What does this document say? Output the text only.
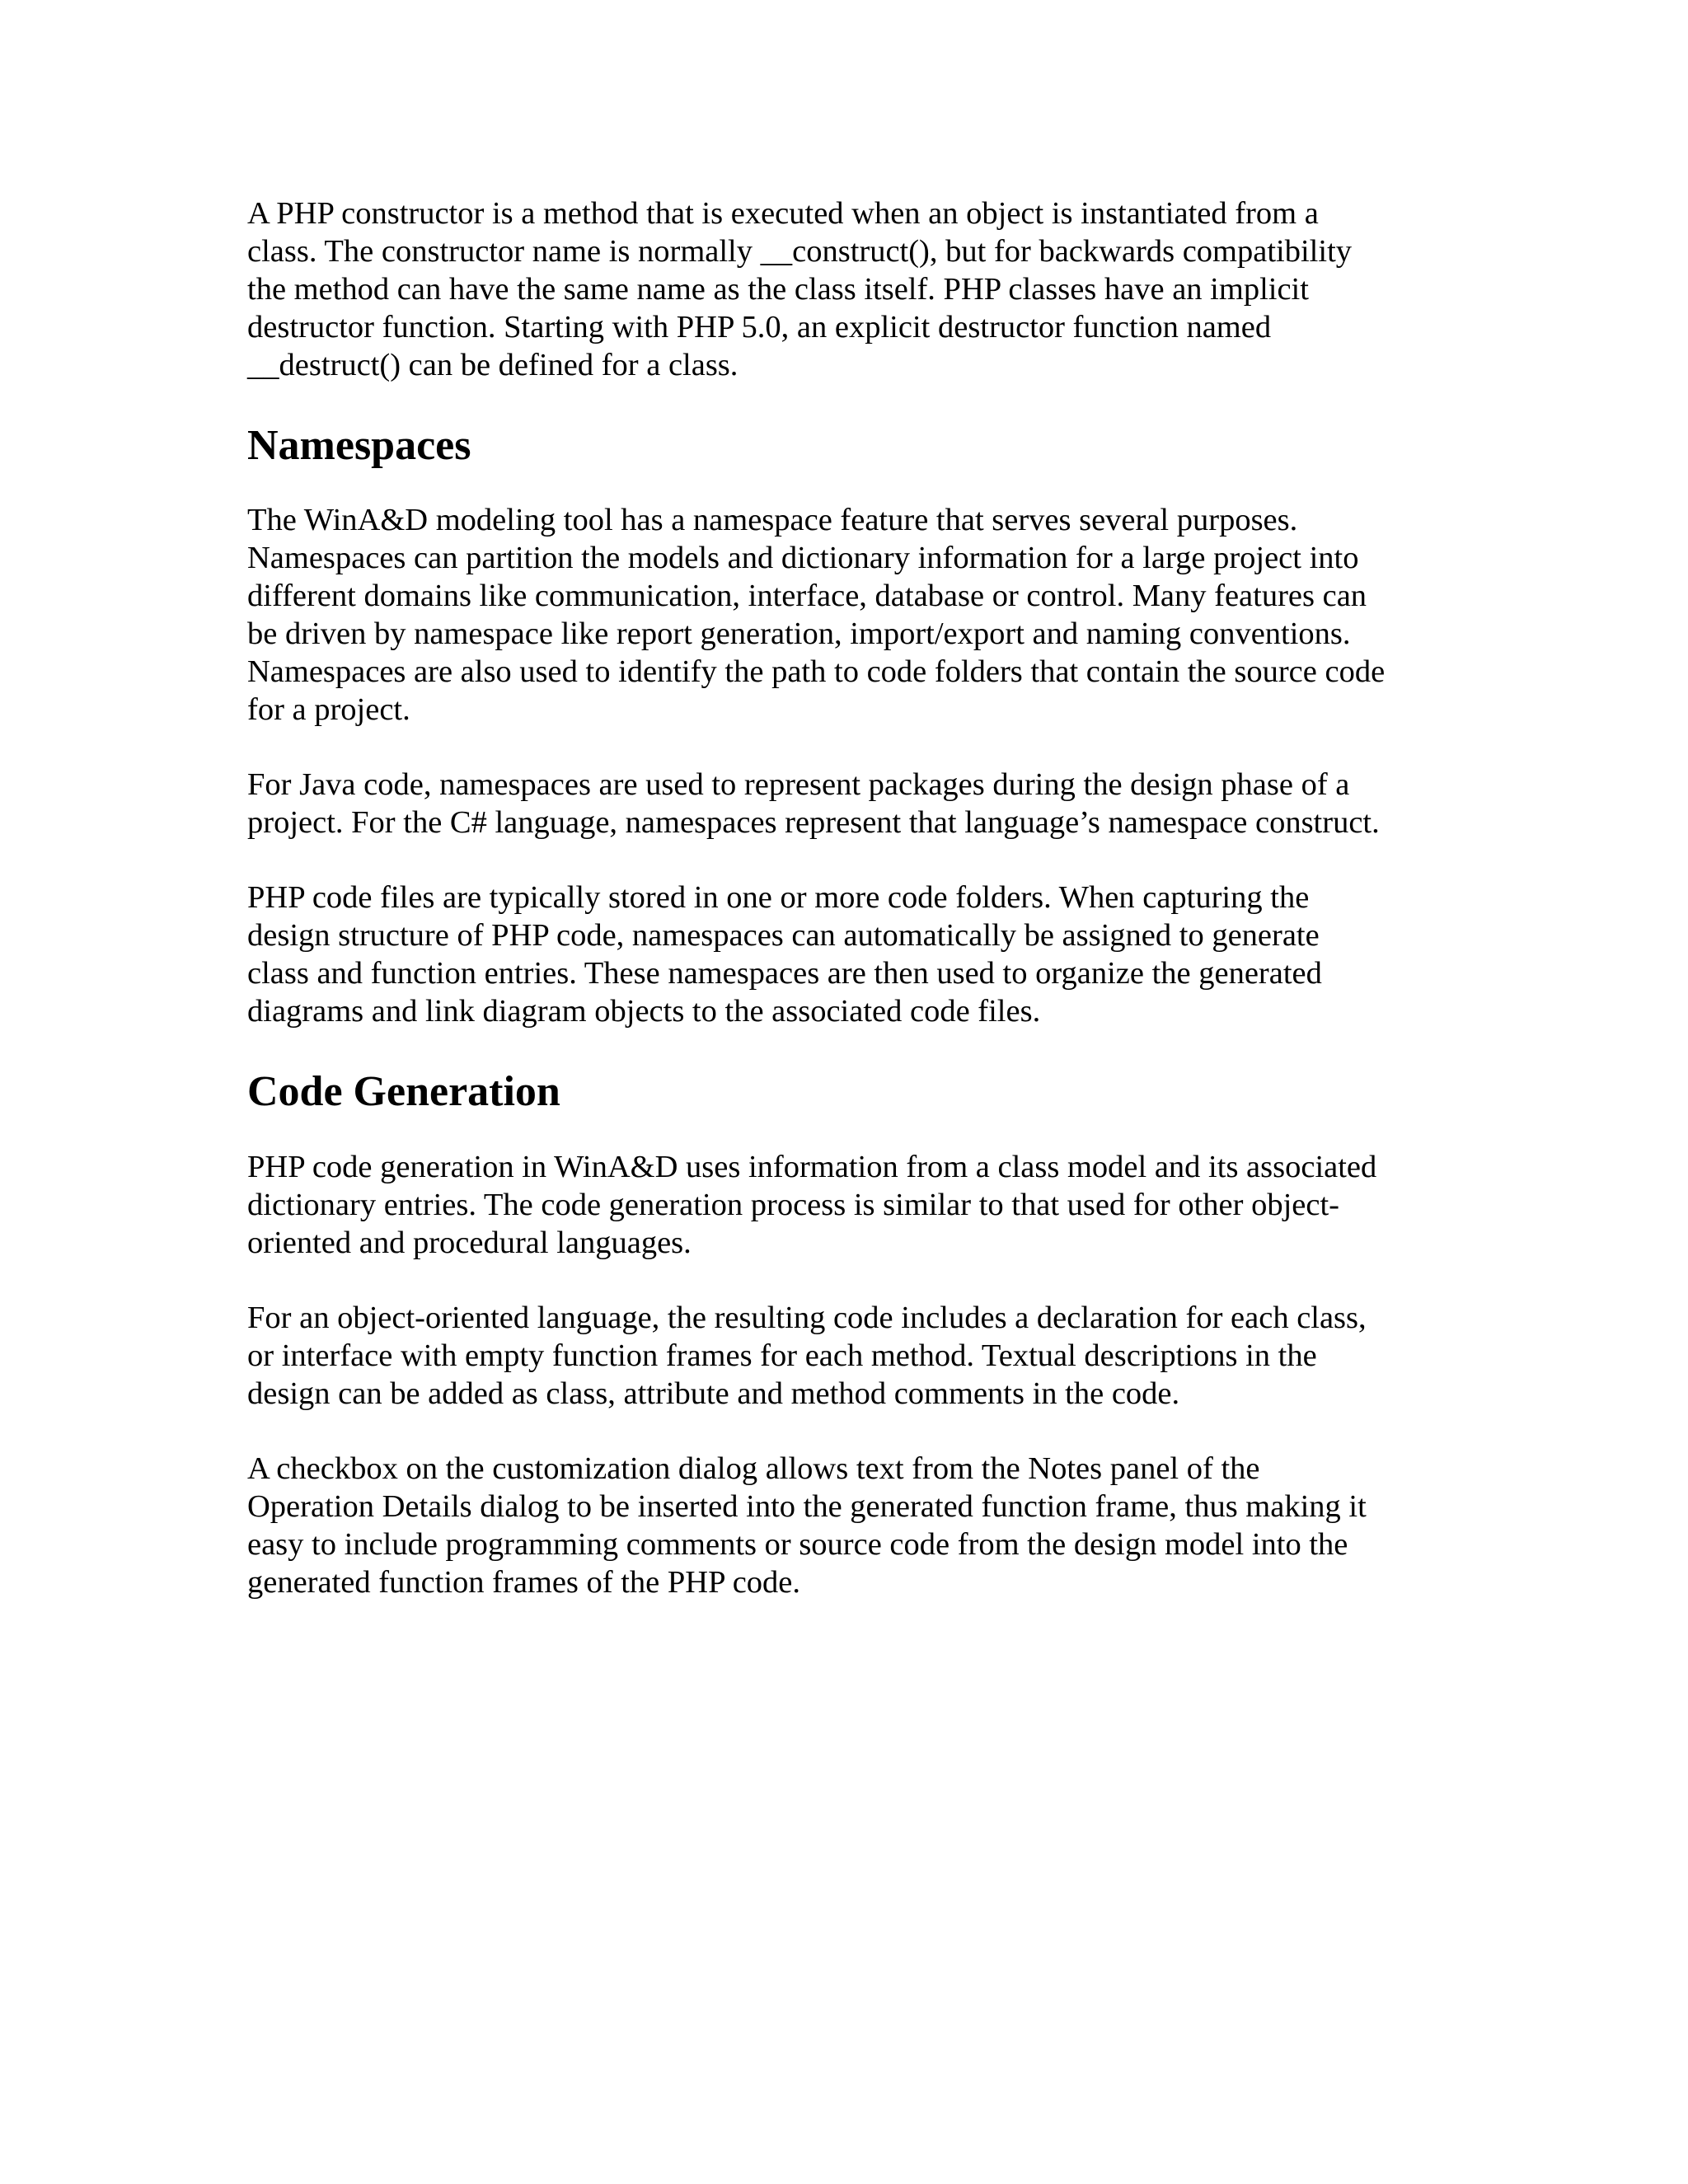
A PHP constructor is a method that is executed when an object is instantiated from a
class. The constructor name is normally __construct(), but for backwards compatibility
the method can have the same name as the class itself. PHP classes have an implicit
destructor function. Starting with PHP 5.0, an explicit destructor function named
__destruct() can be defined for a class.
Namespaces
The WinA&D modeling tool has a namespace feature that serves several purposes.
Namespaces can partition the models and dictionary information for a large project into
different domains like communication, interface, database or control. Many features can
be driven by namespace like report generation, import/export and naming conventions.
Namespaces are also used to identify the path to code folders that contain the source code
for a project.
For Java code, namespaces are used to represent packages during the design phase of a
project. For the C# language, namespaces represent that language’s namespace construct.
PHP code files are typically stored in one or more code folders. When capturing the
design structure of PHP code, namespaces can automatically be assigned to generate
class and function entries. These namespaces are then used to organize the generated
diagrams and link diagram objects to the associated code files.
Code Generation
PHP code generation in WinA&D uses information from a class model and its associated
dictionary entries. The code generation process is similar to that used for other object-
oriented and procedural languages.
For an object-oriented language, the resulting code includes a declaration for each class,
or interface with empty function frames for each method. Textual descriptions in the
design can be added as class, attribute and method comments in the code.
A checkbox on the customization dialog allows text from the Notes panel of the
Operation Details dialog to be inserted into the generated function frame, thus making it
easy to include programming comments or source code from the design model into the
generated function frames of the PHP code.
